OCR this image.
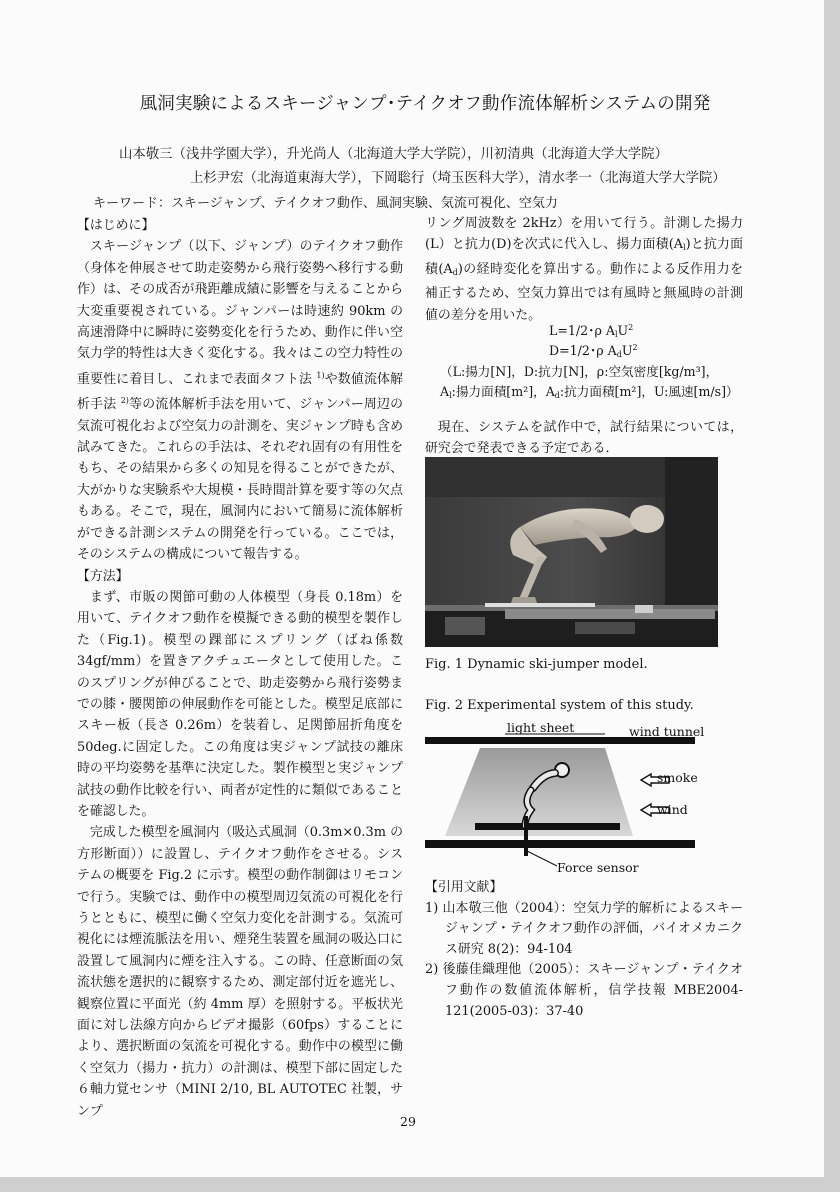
風洞実験によるスキージャンプ･テイクオフ動作流体解析システムの開発
山本敬三（浅井学園大学），升光尚人（北海道大学大学院），川初清典（北海道大学大学院）
上杉尹宏（北海道東海大学），下岡聡行（埼玉医科大学），清水孝一（北海道大学大学院）
キーワード：スキージャンプ、テイクオフ動作、風洞実験、気流可視化、空気力

【はじめに】

スキージャンプ（以下、ジャンプ）のテイクオフ動作（身体を伸展させて助走姿勢から飛行姿勢へ移行する動作）は、その成否が飛距離成績に影響を与えることから大変重要視されている。ジャンパーは時速約 90km の高速滑降中に瞬時に姿勢変化を行うため、動作に伴い空気力学的特性は大きく変化する。我々はこの空力特性の重要性に着目し、これまで表面タフト法 $^{1)}$や数値流体解析手法 $^{2)}$等の流体解析手法を用いて、ジャンパー周辺の気流可視化および空気力の計測を、実ジャンプ時も含め試みてきた。これらの手法は、それぞれ固有の有用性をもち、その結果から多くの知見を得ることができたが、大がかりな実験系や大規模・長時間計算を要す等の欠点もある。そこで，現在，風洞内において簡易に流体解析ができる計測システムの開発を行っている。ここでは，そのシステムの構成について報告する。

【方法】

まず、市販の関節可動の人体模型（身長 0.18m）を用いて、テイクオフ動作を模擬できる動的模型を製作した（Fig.1)。模型の踝部にスプリング（ばね係数 34gf/mm）を置きアクチュエータとして使用した。このスプリングが伸びることで、助走姿勢から飛行姿勢までの膝・腰関節の伸展動作を可能とした。模型足底部にスキー板（長さ 0.26m）を装着し、足関節屈折角度を 50deg.に固定した。この角度は実ジャンプ試技の離床時の平均姿勢を基準に決定した。製作模型と実ジャンプ試技の動作比較を行い、両者が定性的に類似であることを確認した。

完成した模型を風洞内（吸込式風洞（0.3m×0.3m の方形断面））に設置し、テイクオフ動作をさせる。システムの概要を Fig.2 に示す。模型の動作制御はリモコンで行う。実験では、動作中の模型周辺気流の可視化を行うとともに、模型に働く空気力変化を計測する。気流可視化には煙流脈法を用い、煙発生装置を風洞の吸込口に設置して風洞内に煙を注入する。この時、任意断面の気流状態を選択的に観察するため、測定部付近を遮光し、観察位置に平面光（約 4mm 厚）を照射する。平板状光面に対し法線方向からビデオ撮影（60fps）することにより、選択断面の気流を可視化する。動作中の模型に働く空気力（揚力・抗力）の計測は、模型下部に固定した６軸力覚センサ（MINI 2/10, BL AUTOTEC 社製，サンプ

リング周波数を 2kHz）を用いて行う。計測した揚力(L）と抗力(D)を次式に代入し、揚力面積$(A_l)$と抗力面積$(A_d)$の経時変化を算出する。動作による反作用力を補正するため、空気力算出では有風時と無風時の計測値の差分を用いた。

L=1/2･ρ $A_lU^2$
D=1/2･ρ $A_dU^2$
（L:揚力[N]，D:抗力[N]，ρ:空気密度[kg/m³]，
$A_l$:揚力面積[m²]，$A_d$:抗力面積[m²]，U:風速[m/s]）

現在、システムを試作中で，試行結果については，研究会で発表できる予定である．

Fig. 1 Dynamic ski-jumper model.
Fig. 2 Experimental system of this study.
light sheet	wind tunnel
smoke
wind
Force sensor

【引用文献】

1) 山本敬三他（2004）：空気力学的解析によるスキージャンプ・テイクオフ動作の評価，バイオメカニクス研究 8(2)：94-104

2) 後藤佳織理他（2005）：スキージャンプ・テイクオフ動作の数値流体解析，信学技報 MBE2004-121(2005-03)：37-40

29
